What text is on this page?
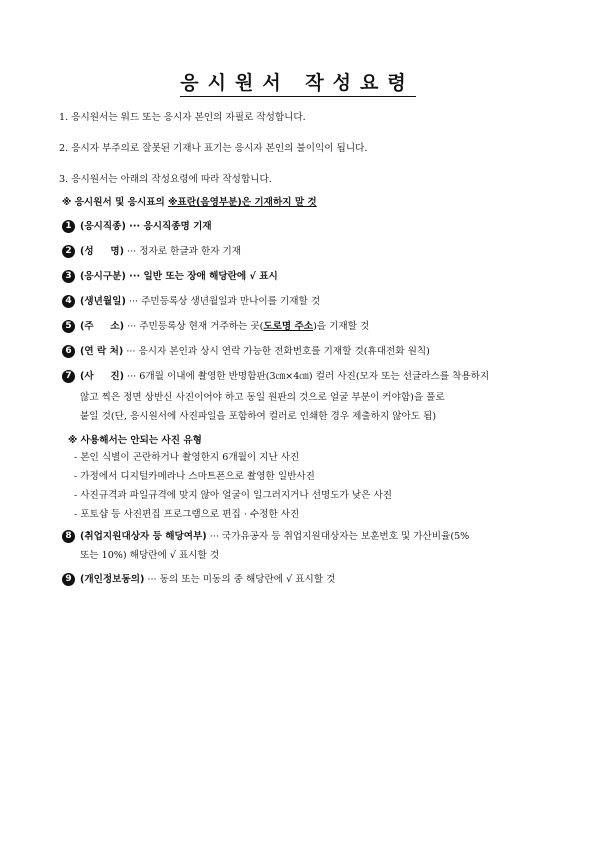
응시원서 작성요령
1. 응시원서는 워드 또는 응시자 본인의 자필로 작성합니다.
2. 응시자 부주의로 잘못된 기재나 표기는 응시자 본인의 불이익이 됩니다.
3. 응시원서는 아래의 작성요령에 따라 작성합니다.
※ 응시원서 및 응시표의 ※표란(음영부분)은 기재하지 말 것
1 (응시직종) ··· 응시직종명 기재
2 (성     명) ··· 정자로 한글과 한자 기재
3 (응시구분) ··· 일반 또는 장애 해당란에 √ 표시
4 (생년월일) ··· 주민등록상 생년월일과 만나이를 기재할 것
5 (주     소) ··· 주민등록상 현재 거주하는 곳(도로명 주소)을 기재할 것
6 (연 락 처) ··· 응시자 본인과 상시 연락 가능한 전화번호를 기재할 것(휴대전화 원칙)
7 (사     진) ··· 6개월 이내에 촬영한 반명함판(3㎝×4㎝) 컬러 사진(모자 또는 선글라스를 착용하지
않고 찍은 정면 상반신 사진이어야 하고 동일 원판의 것으로 얼굴 부분이 커야함)을 풀로
붙일 것(단, 응시원서에 사진파일을 포함하여 컬러로 인쇄한 경우 제출하지 않아도 됨)
※ 사용해서는 안되는 사진 유형
- 본인 식별이 곤란하거나 촬영한지 6개월이 지난 사진
- 가정에서 디지털카메라나 스마트폰으로 촬영한 일반사진
- 사진규격과 파일규격에 맞지 않아 얼굴이 일그러지거나 선명도가 낮은 사진
- 포토샵 등 사진편집 프로그램으로 편집 · 수정한 사진
8 (취업지원대상자 등 해당여부) ··· 국가유공자 등 취업지원대상자는 보훈번호 및 가산비율(5%
또는 10%) 해당란에 √ 표시할 것
9 (개인정보동의) ··· 동의 또는 미동의 중 해당란에 √ 표시할 것
